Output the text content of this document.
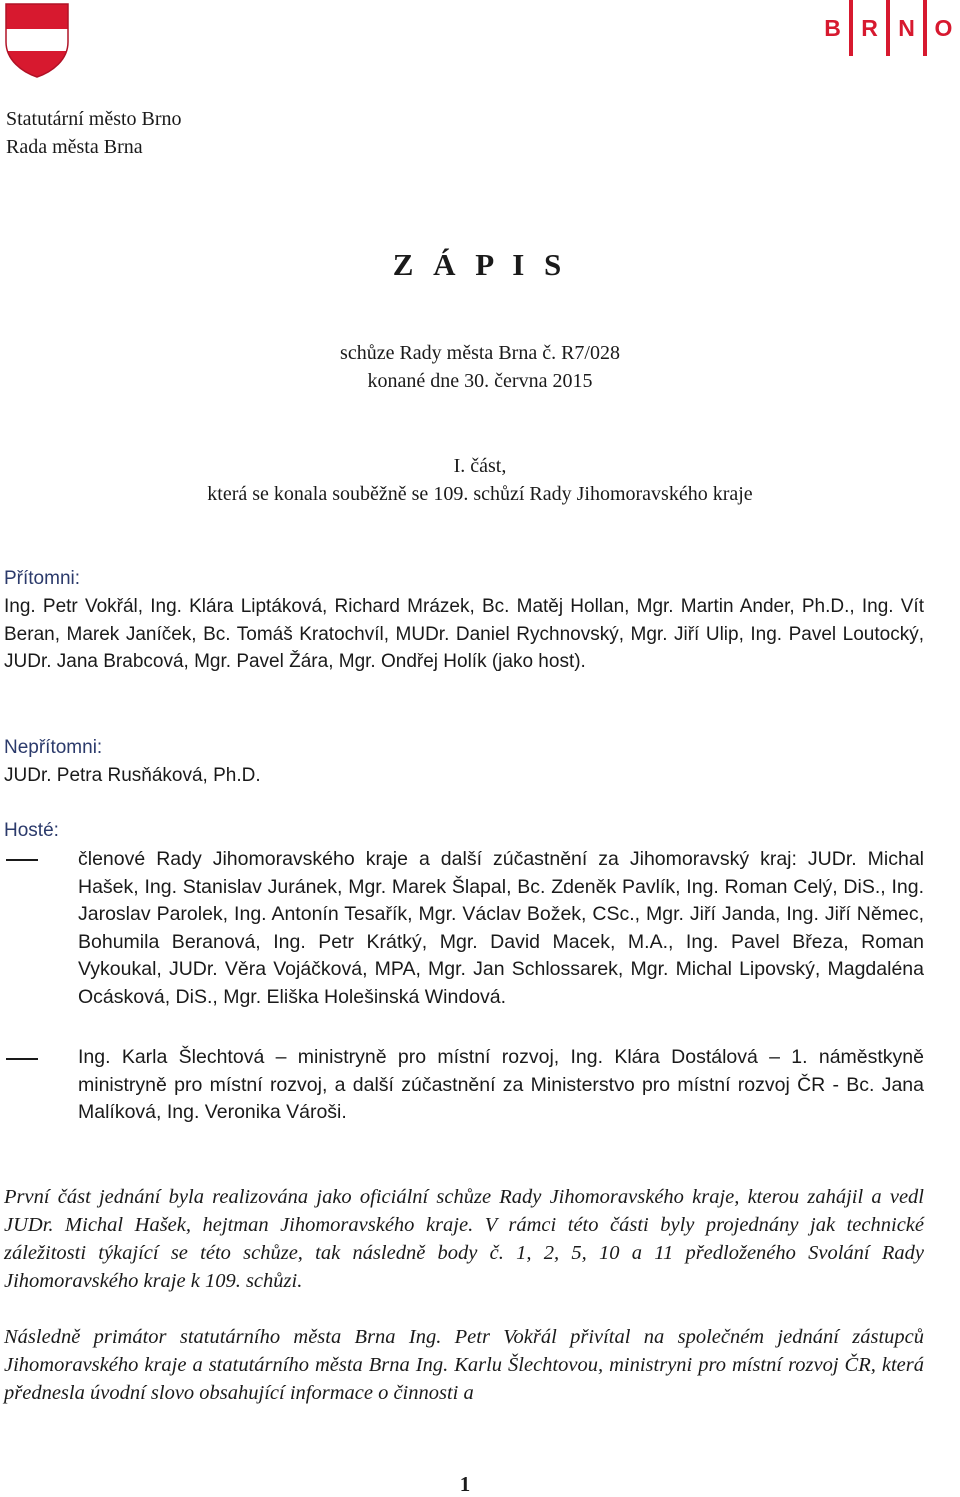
B R N O
Statutární město Brno
Rada města Brna
Z Á P I S
schůze Rady města Brna č. R7/028
konané dne 30. června 2015
I. část,
která se konala souběžně se 109. schůzí Rady Jihomoravského kraje
Přítomni:
Ing. Petr Vokřál, Ing. Klára Liptáková, Richard Mrázek, Bc. Matěj Hollan, Mgr. Martin Ander, Ph.D., Ing. Vít Beran, Marek Janíček, Bc. Tomáš Kratochvíl, MUDr. Daniel Rychnovský, Mgr. Jiří Ulip, Ing. Pavel Loutocký, JUDr. Jana Brabcová, Mgr. Pavel Žára, Mgr. Ondřej Holík (jako host).
Nepřítomni:
JUDr. Petra Rusňáková, Ph.D.
Hosté:
členové Rady Jihomoravského kraje a další zúčastnění za Jihomoravský kraj: JUDr. Michal Hašek, Ing. Stanislav Juránek, Mgr. Marek Šlapal, Bc. Zdeněk Pavlík, Ing. Roman Celý, DiS., Ing. Jaroslav Parolek, Ing. Antonín Tesařík, Mgr. Václav Božek, CSc., Mgr. Jiří Janda, Ing. Jiří Němec, Bohumila Beranová, Ing. Petr Krátký, Mgr. David Macek, M.A., Ing. Pavel Březa, Roman Vykoukal, JUDr. Věra Vojáčková, MPA, Mgr. Jan Schlossarek, Mgr. Michal Lipovský, Magdaléna Ocásková, DiS., Mgr. Eliška Holešinská Windová.
Ing. Karla Šlechtová – ministryně pro místní rozvoj, Ing. Klára Dostálová – 1. náměstkyně ministryně pro místní rozvoj, a další zúčastnění za Ministerstvo pro místní rozvoj ČR - Bc. Jana Malíková, Ing. Veronika Vároši.
První část jednání byla realizována jako oficiální schůze Rady Jihomoravského kraje, kterou zahájil a vedl JUDr. Michal Hašek, hejtman Jihomoravského kraje. V rámci této části byly projednány jak technické záležitosti týkající se této schůze, tak následně body č. 1, 2, 5, 10 a 11 předloženého Svolání Rady Jihomoravského kraje k 109. schůzi.
Následně primátor statutárního města Brna Ing. Petr Vokřál přivítal na společném jednání zástupců Jihomoravského kraje a statutárního města Brna Ing. Karlu Šlechtovou, ministryni pro místní rozvoj ČR, která přednesla úvodní slovo obsahující informace o činnosti a
1
